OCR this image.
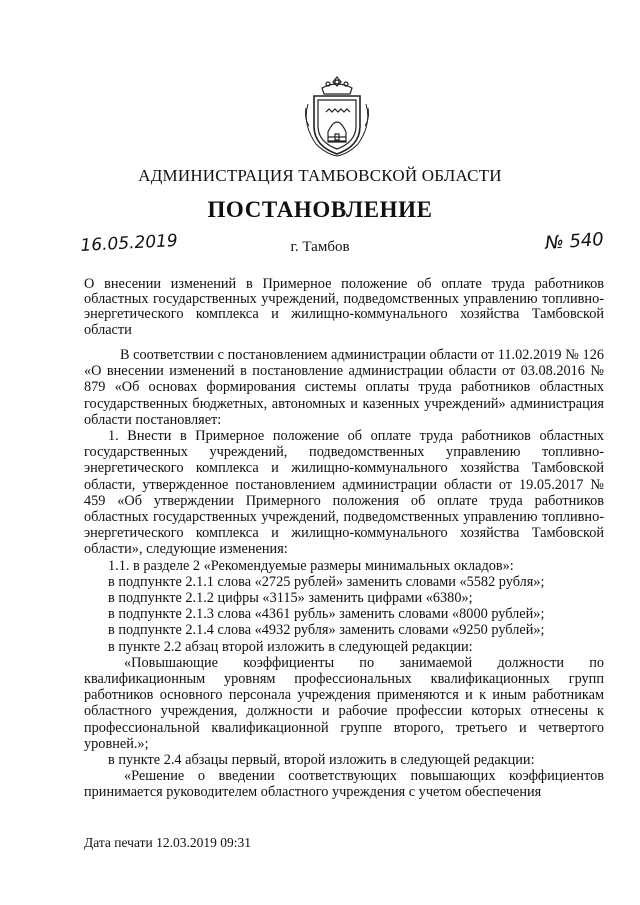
АДМИНИСТРАЦИЯ ТАМБОВСКОЙ ОБЛАСТИ
ПОСТАНОВЛЕНИЕ
16.05.2019	г. Тамбов	№ 540
О внесении изменений в Примерное положение об оплате труда работников областных государственных учреждений, подведомственных управлению топливно-энергетического комплекса и жилищно-коммунального хозяйства Тамбовской области

В соответствии с постановлением администрации области от 11.02.2019 № 126 «О внесении изменений в постановление администрации области от 03.08.2016 № 879 «Об основах формирования системы оплаты труда работников областных государственных бюджетных, автономных и казенных учреждений» администрация области постановляет:

1. Внести в Примерное положение об оплате труда работников областных государственных учреждений, подведомственных управлению топливно-энергетического комплекса и жилищно-коммунального хозяйства Тамбовской области, утвержденное постановлением администрации области от 19.05.2017 № 459 «Об утверждении Примерного положения об оплате труда работников областных государственных учреждений, подведомственных управлению топливно-энергетического комплекса и жилищно-коммунального хозяйства Тамбовской области», следующие изменения:

1.1. в разделе 2 «Рекомендуемые размеры минимальных окладов»:

в подпункте 2.1.1 слова «2725 рублей» заменить словами «5582 рубля»;

в подпункте 2.1.2 цифры «3115» заменить цифрами «6380»;

в подпункте 2.1.3 слова «4361 рубль» заменить словами «8000 рублей»;

в подпункте 2.1.4 слова «4932 рубля» заменить словами «9250 рублей»;

в пункте 2.2 абзац второй изложить в следующей редакции:

«Повышающие коэффициенты по занимаемой должности по квалификационным уровням профессиональных квалификационных групп работников основного персонала учреждения применяются и к иным работникам областного учреждения, должности и рабочие профессии которых отнесены к профессиональной квалификационной группе второго, третьего и четвертого уровней.»;

в пункте 2.4 абзацы первый, второй изложить в следующей редакции:

«Решение о введении соответствующих повышающих коэффициентов принимается руководителем областного учреждения с учетом обеспечения

Дата печати 12.03.2019 09:31
